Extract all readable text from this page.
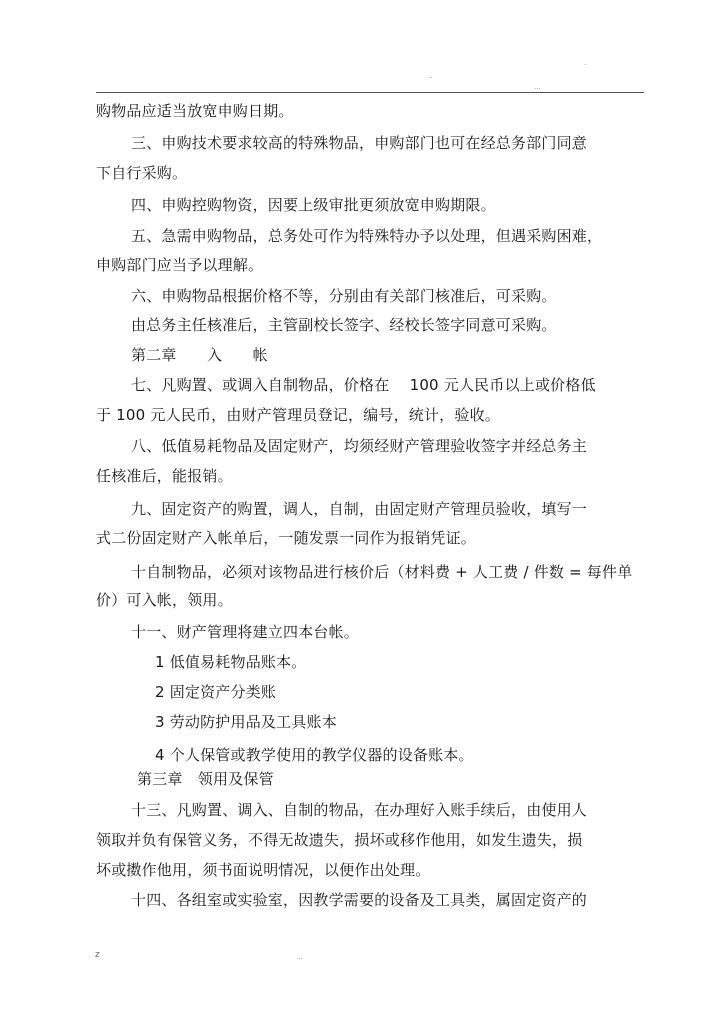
.
..
...
购物品应适当放宽申购日期。
三、申购技术要求较高的特殊物品，申购部门也可在经总务部门同意
下自行采购。
四、申购控购物资，因要上级审批更须放宽申购期限。
五、急需申购物品，总务处可作为特殊特办予以处理，但遇采购困难，
申购部门应当予以理解。
六、申购物品根据价格不等，分别由有关部门核准后，可采购。
由总务主任核准后，主管副校长签字、经校长签字同意可采购。
第二章　　入　　帐
七、凡购置、或调入自制物品，价格在　 100 元人民币以上或价格低
于 100 元人民币，由财产管理员登记，编号，统计，验收。
八、低值易耗物品及固定财产，均须经财产管理验收签字并经总务主
任核准后，能报销。
九、固定资产的购置，调人，自制，由固定财产管理员验收，填写一
式二份固定财产入帐单后，一随发票一同作为报销凭证。
十自制物品，必须对该物品进行核价后（材料费 + 人工费 / 件数 = 每件单
价）可入帐，领用。
十一、财产管理将建立四本台帐。
1 低值易耗物品账本。
2 固定资产分类账
3 劳动防护用品及工具账本
4 个人保管或教学使用的教学仪器的设备账本。
第三章　领用及保管
十三、凡购置、调入、自制的物品，在办理好入账手续后，由使用人
领取并负有保管义务，不得无故遗失，损坏或移作他用，如发生遗失，损
坏或擞作他用，须书面说明情况，以便作出处理。
十四、各组室或实验室，因教学需要的设备及工具类，属固定资产的
z	..
